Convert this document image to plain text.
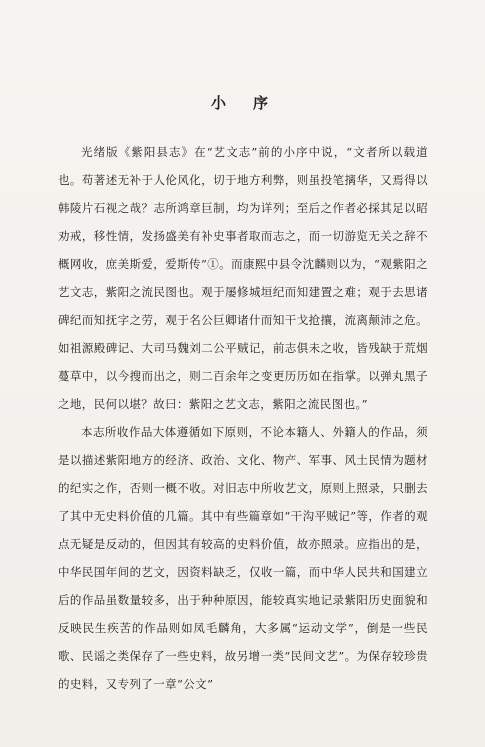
小　序

光绪版《紫阳县志》在“艺文志”前的小序中说，“文者所以载道也。苟著述无补于人伦风化，切于地方利弊，则虽投笔摛华，又焉得以韩陵片石视之哉？志所鸿章巨制，均为详列；至后之作者必採其足以昭劝戒，移性情，发扬盛美有补史事者取而志之，而一切游览无关之辞不概网收，庶美斯爱，爱斯传”①。而康熙中县令沈麟则以为，“观紫阳之艺文志，紫阳之流民图也。观于屡修城垣纪而知建置之难；观于去思诸碑纪而知抚字之劳，观于名公巨卿诸什而知干戈抢攘，流离颠沛之危。如祖源殿碑记、大司马魏刘二公平贼记，前志俱未之收，皆残缺于荒烟蔓草中，以今搜而出之，则二百余年之变更历历如在指掌。以弹丸黑子之地，民何以堪？故曰：紫阳之艺文志，紫阳之流民图也。”

本志所收作品大体遵循如下原则，不论本籍人、外籍人的作品，须是以描述紫阳地方的经济、政治、文化、物产、军事、风土民情为题材的纪实之作，否则一概不收。对旧志中所收艺文，原则上照录，只删去了其中无史料价值的几篇。其中有些篇章如“干沟平贼记”等，作者的观点无疑是反动的，但因其有较高的史料价值，故亦照录。应指出的是，中华民国年间的艺文，因资料缺乏，仅收一篇，而中华人民共和国建立后的作品虽数量较多，出于种种原因，能较真实地记录紫阳历史面貌和反映民生疾苦的作品则如凤毛麟角，大多属“运动文学”，倒是一些民歌、民谣之类保存了一些史料，故另增一类“民间文艺”。为保存较珍贵的史料，又专列了一章“公文”
